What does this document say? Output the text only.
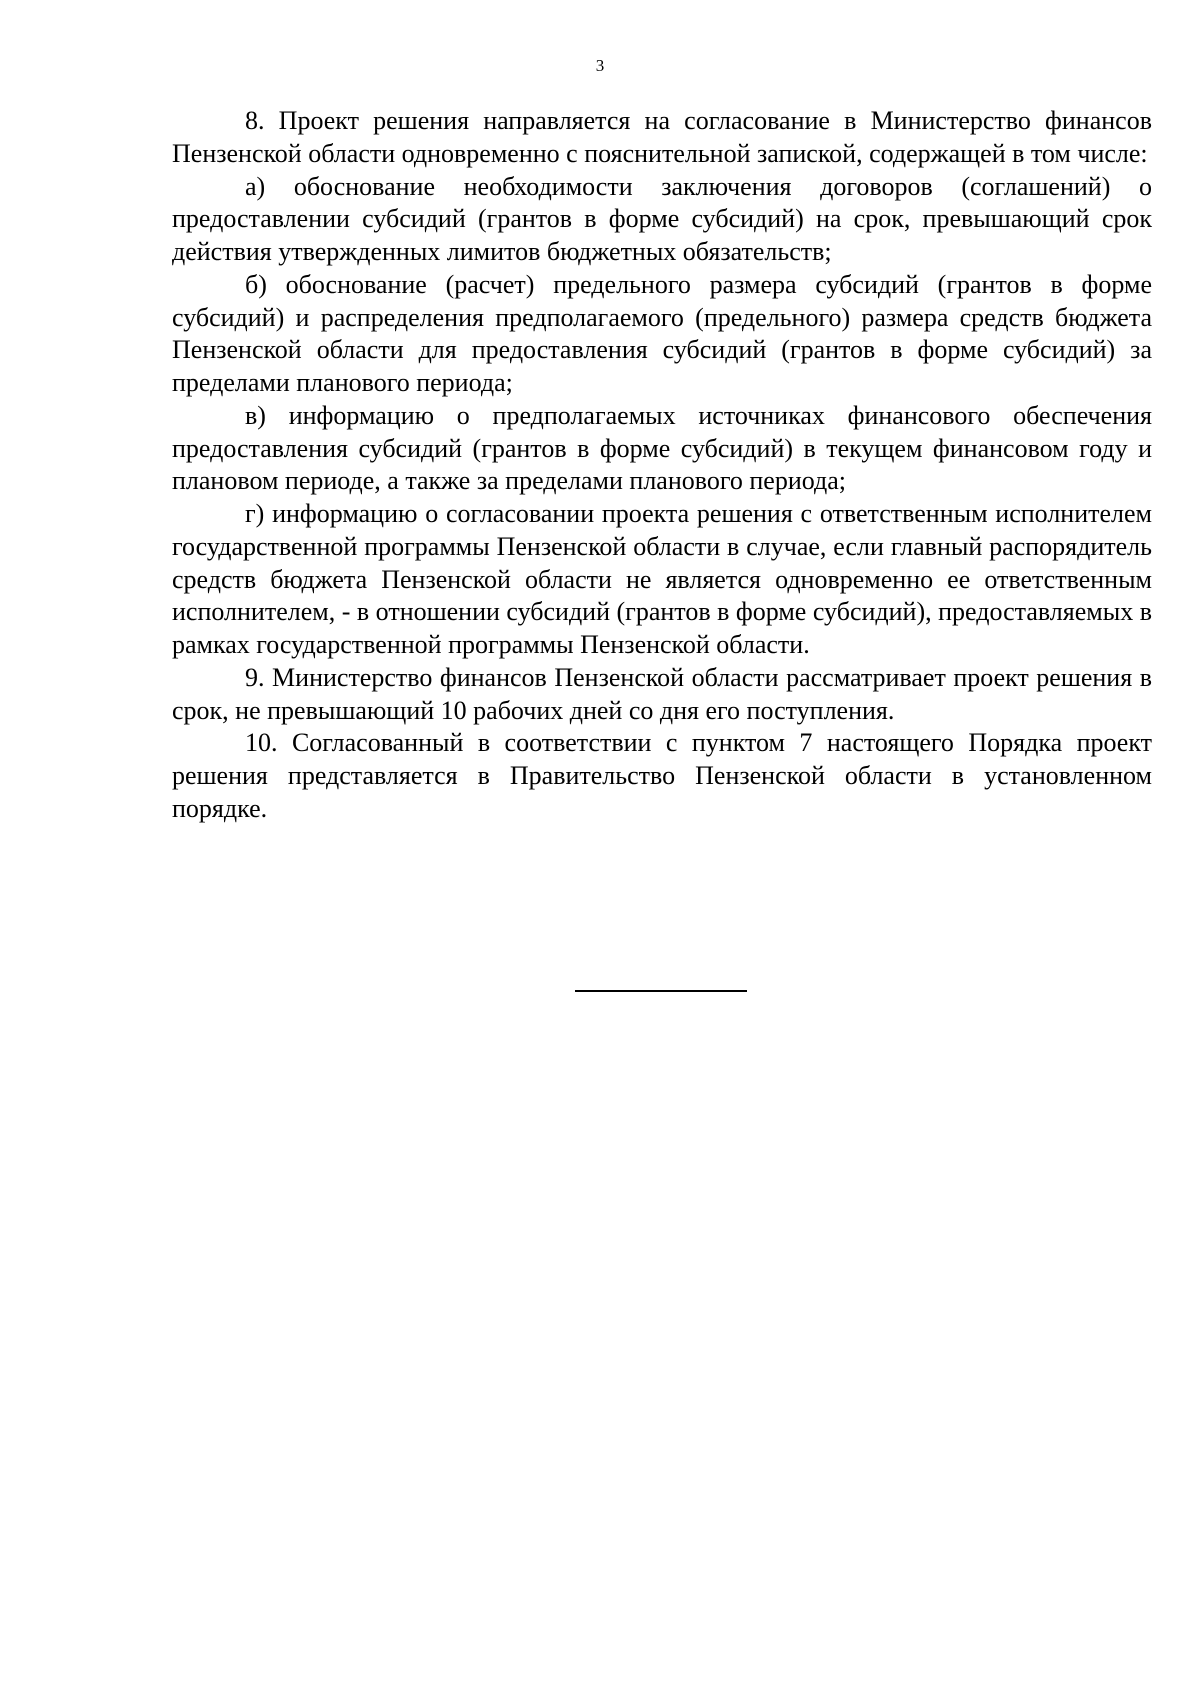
3

8. Проект решения направляется на согласование в Министерство финансов Пензенской области одновременно с пояснительной запиской, содержащей в том числе:

а) обоснование необходимости заключения договоров (соглашений) о предоставлении субсидий (грантов в форме субсидий) на срок, превышающий срок действия утвержденных лимитов бюджетных обязательств;

б) обоснование (расчет) предельного размера субсидий (грантов в форме субсидий) и распределения предполагаемого (предельного) размера средств бюджета Пензенской области для предоставления субсидий (грантов в форме субсидий) за пределами планового периода;

в) информацию о предполагаемых источниках финансового обеспечения предоставления субсидий (грантов в форме субсидий) в текущем финансовом году и плановом периоде, а также за пределами планового периода;

г) информацию о согласовании проекта решения с ответственным исполнителем государственной программы Пензенской области в случае, если главный распорядитель средств бюджета Пензенской области не является одновременно ее ответственным исполнителем, - в отношении субсидий (грантов в форме субсидий), предоставляемых в рамках государственной программы Пензенской области.

9. Министерство финансов Пензенской области рассматривает проект решения в срок, не превышающий 10 рабочих дней со дня его поступления.

10. Согласованный в соответствии с пунктом 7 настоящего Порядка проект решения представляется в Правительство Пензенской области в установленном порядке.
